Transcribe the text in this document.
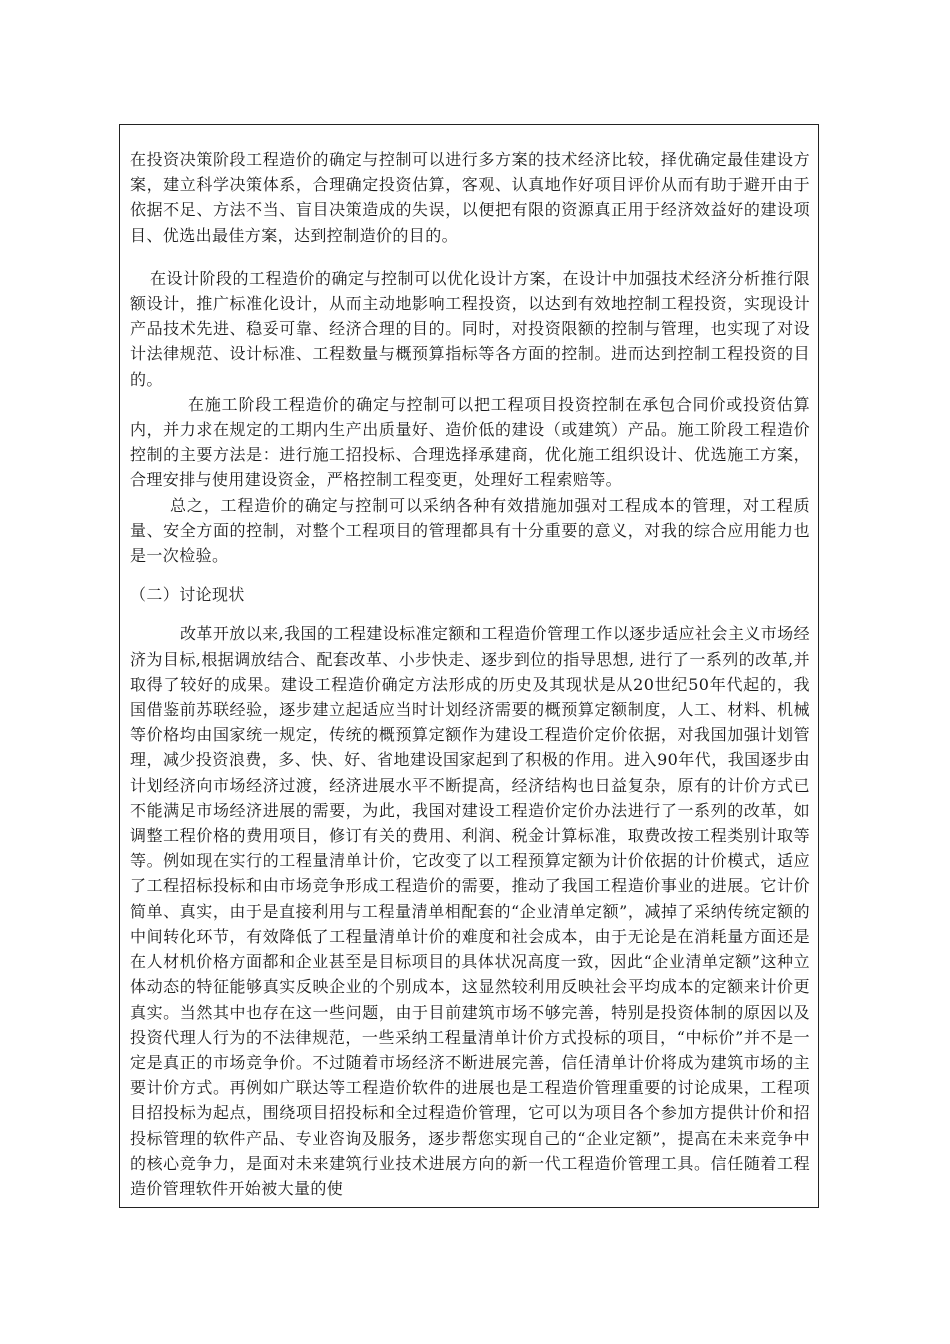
在投资决策阶段工程造价的确定与控制可以进行多方案的技术经济比较，择优确定最佳建设方案，建立科学决策体系，合理确定投资估算，客观、认真地作好项目评价从而有助于避开由于依据不足、方法不当、盲目决策造成的失误，以便把有限的资源真正用于经济效益好的建设项目、优选出最佳方案，达到控制造价的目的。

在设计阶段的工程造价的确定与控制可以优化设计方案，在设计中加强技术经济分析推行限额设计，推广标准化设计，从而主动地影响工程投资，以达到有效地控制工程投资，实现设计产品技术先进、稳妥可靠、经济合理的目的。同时，对投资限额的控制与管理，也实现了对设计法律规范、设计标准、工程数量与概预算指标等各方面的控制。进而达到控制工程投资的目的。

在施工阶段工程造价的确定与控制可以把工程项目投资控制在承包合同价或投资估算内，并力求在规定的工期内生产出质量好、造价低的建设（或建筑）产品。施工阶段工程造价控制的主要方法是：进行施工招投标、合理选择承建商，优化施工组织设计、优选施工方案，合理安排与使用建设资金，严格控制工程变更，处理好工程索赔等。

总之，工程造价的确定与控制可以采纳各种有效措施加强对工程成本的管理，对工程质量、安全方面的控制，对整个工程项目的管理都具有十分重要的意义，对我的综合应用能力也是一次检验。

（二）讨论现状

改革开放以来,我国的工程建设标准定额和工程造价管理工作以逐步适应社会主义市场经济为目标,根据调放结合、配套改革、小步快走、逐步到位的指导思想, 进行了一系列的改革,并取得了较好的成果。建设工程造价确定方法形成的历史及其现状是从20世纪50年代起的，我国借鉴前苏联经验，逐步建立起适应当时计划经济需要的概预算定额制度，人工、材料、机械等价格均由国家统一规定，传统的概预算定额作为建设工程造价定价依据，对我国加强计划管理，减少投资浪费，多、快、好、省地建设国家起到了积极的作用。进入90年代，我国逐步由计划经济向市场经济过渡，经济进展水平不断提高，经济结构也日益复杂，原有的计价方式已不能满足市场经济进展的需要，为此，我国对建设工程造价定价办法进行了一系列的改革，如调整工程价格的费用项目，修订有关的费用、利润、税金计算标准，取费改按工程类别计取等等。例如现在实行的工程量清单计价，它改变了以工程预算定额为计价依据的计价模式，适应了工程招标投标和由市场竞争形成工程造价的需要，推动了我国工程造价事业的进展。它计价简单、真实，由于是直接利用与工程量清单相配套的“企业清单定额”，减掉了采纳传统定额的中间转化环节，有效降低了工程量清单计价的难度和社会成本，由于无论是在消耗量方面还是在人材机价格方面都和企业甚至是目标项目的具体状况高度一致，因此“企业清单定额”这种立体动态的特征能够真实反映企业的个别成本，这显然较利用反映社会平均成本的定额来计价更真实。当然其中也存在这一些问题，由于目前建筑市场不够完善，特别是投资体制的原因以及投资代理人行为的不法律规范，一些采纳工程量清单计价方式投标的项目，“中标价”并不是一定是真正的市场竞争价。不过随着市场经济不断进展完善，信任清单计价将成为建筑市场的主要计价方式。再例如广联达等工程造价软件的进展也是工程造价管理重要的讨论成果，工程项目招投标为起点，围绕项目招投标和全过程造价管理，它可以为项目各个参加方提供计价和招投标管理的软件产品、专业咨询及服务，逐步帮您实现自己的“企业定额”，提高在未来竞争中的核心竞争力，是面对未来建筑行业技术进展方向的新一代工程造价管理工具。信任随着工程造价管理软件开始被大量的使
